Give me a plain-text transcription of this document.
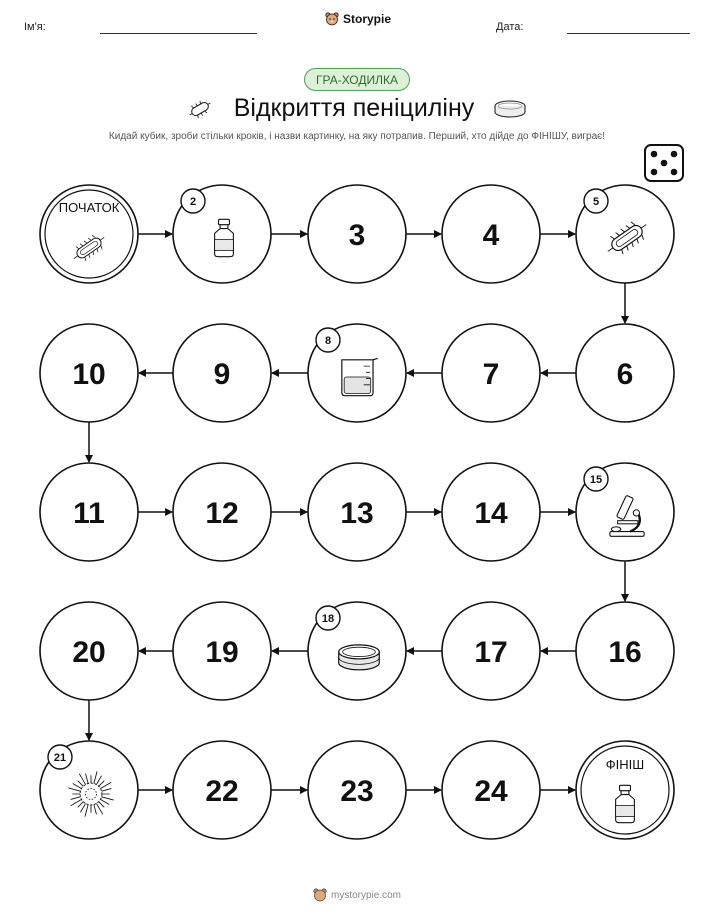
Ім'я:
Storypie
Дата:
ГРА-ХОДИЛКА
Відкриття пеніциліну
Кидай кубик, зроби стільки кроків, і назви картинку, на яку потрапив. Перший, хто дійде до ФІНІШУ, виграє!
ПОЧАТОК	2
3	4
5
6
7
8
9
10
11	12	13	14
15
16
17
18
19
20
21
22	23	24
ФІНІШ
mystorypie.com
